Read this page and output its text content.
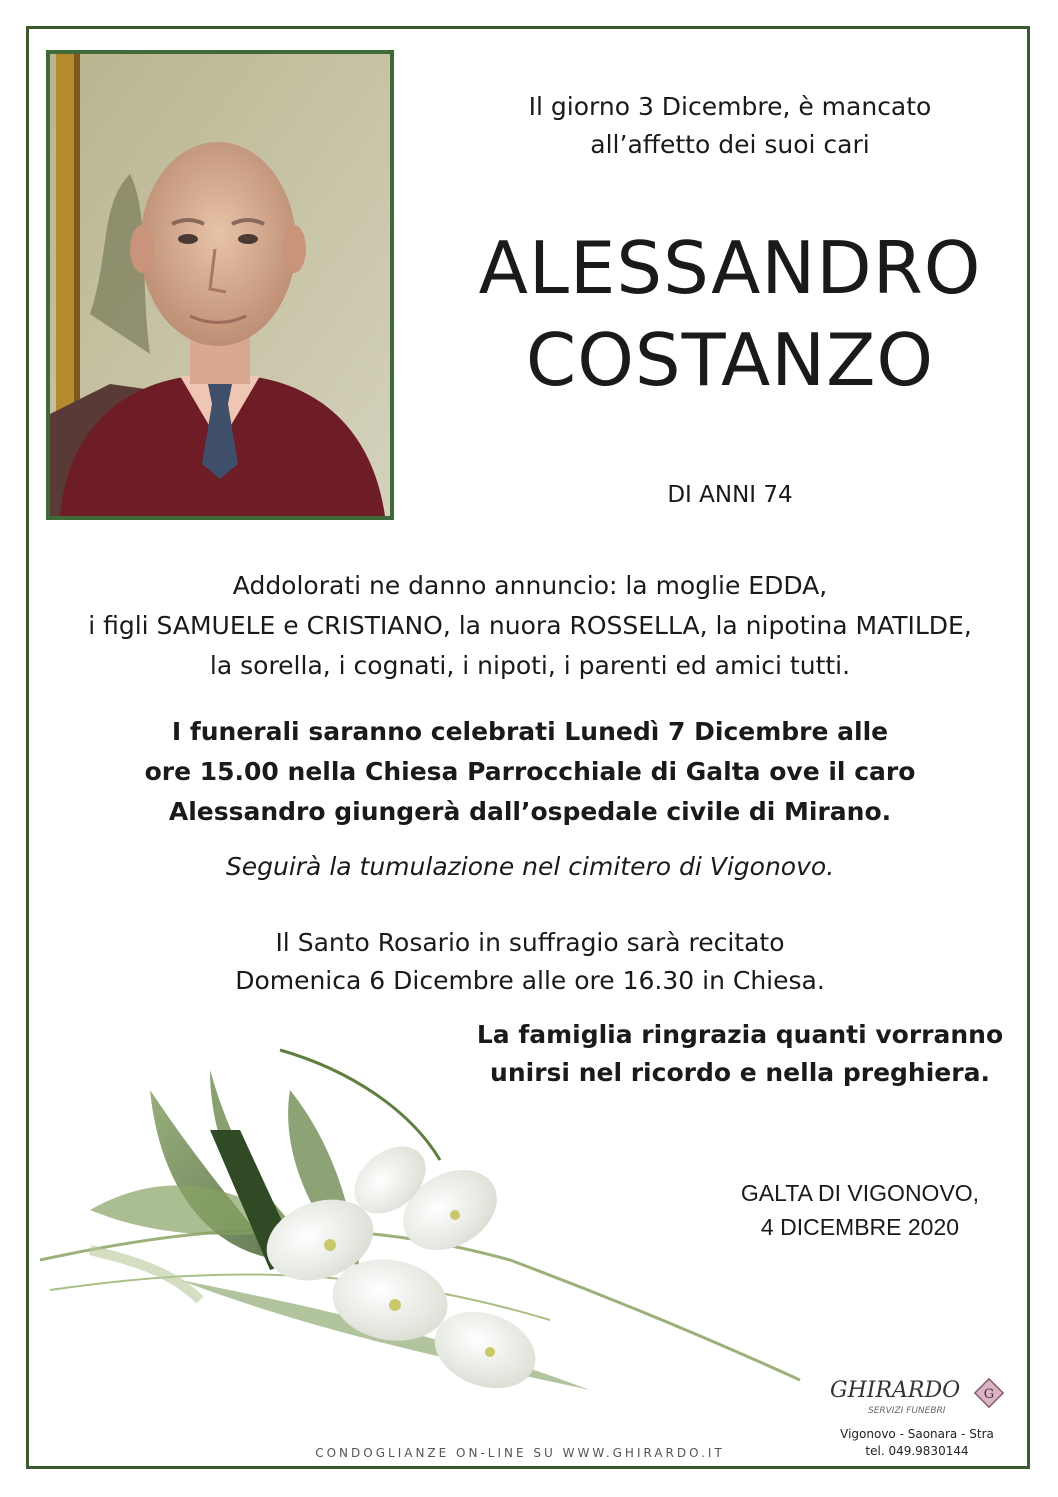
Il giorno 3 Dicembre, è mancato
all’affetto dei suoi cari
ALESSANDRO
COSTANZO
DI ANNI 74
Addolorati ne danno annuncio: la moglie EDDA,
i figli SAMUELE e CRISTIANO, la nuora ROSSELLA, la nipotina MATILDE,
la sorella, i cognati, i nipoti, i parenti ed amici tutti.
I funerali saranno celebrati Lunedì 7 Dicembre alle
ore 15.00 nella Chiesa Parrocchiale di Galta ove il caro
Alessandro giungerà dall’ospedale civile di Mirano.
Seguirà la tumulazione nel cimitero di Vigonovo.
Il Santo Rosario in suffragio sarà recitato
Domenica 6 Dicembre alle ore 16.30 in Chiesa.
La famiglia ringrazia quanti vorranno
unirsi nel ricordo e nella preghiera.
GALTA DI VIGONOVO,
4 DICEMBRE 2020
GHIRARDO
SERVIZI FUNEBRI
G
Vigonovo - Saonara - Stra
tel. 049.9830144
CONDOGLIANZE ON-LINE SU WWW.GHIRARDO.IT
